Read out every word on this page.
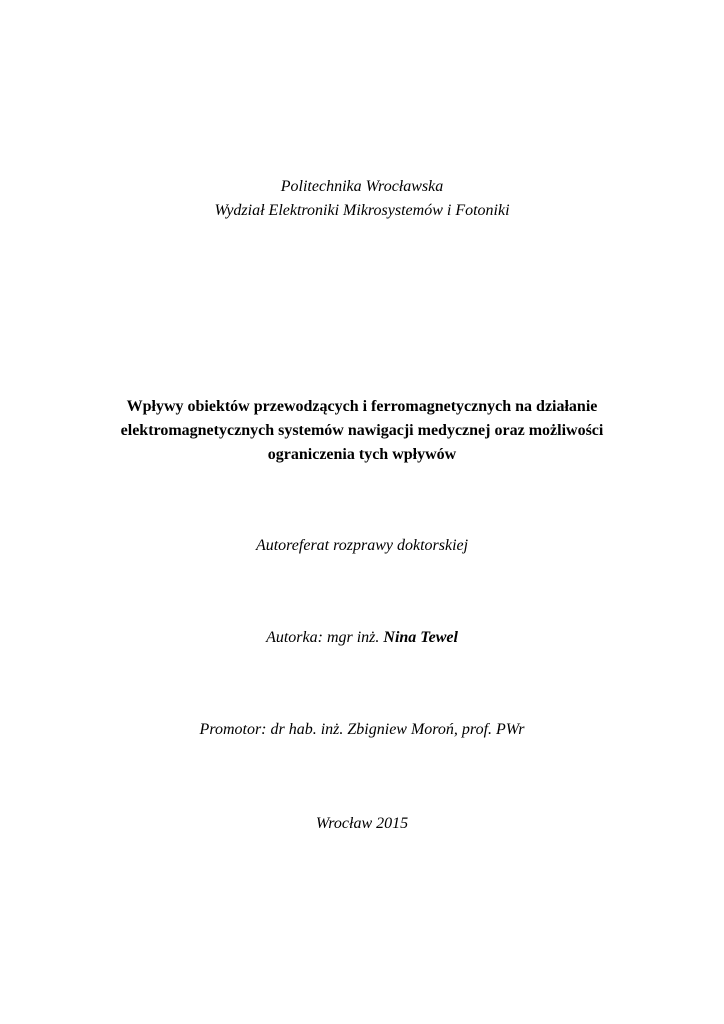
Politechnika Wrocławska
Wydział Elektroniki Mikrosystemów i Fotoniki
Wpływy obiektów przewodzących i ferromagnetycznych na działanie
elektromagnetycznych systemów nawigacji medycznej oraz możliwości
ograniczenia tych wpływów
Autoreferat rozprawy doktorskiej
Autorka: mgr inż. Nina Tewel
Promotor: dr hab. inż. Zbigniew Moroń, prof. PWr
Wrocław 2015
